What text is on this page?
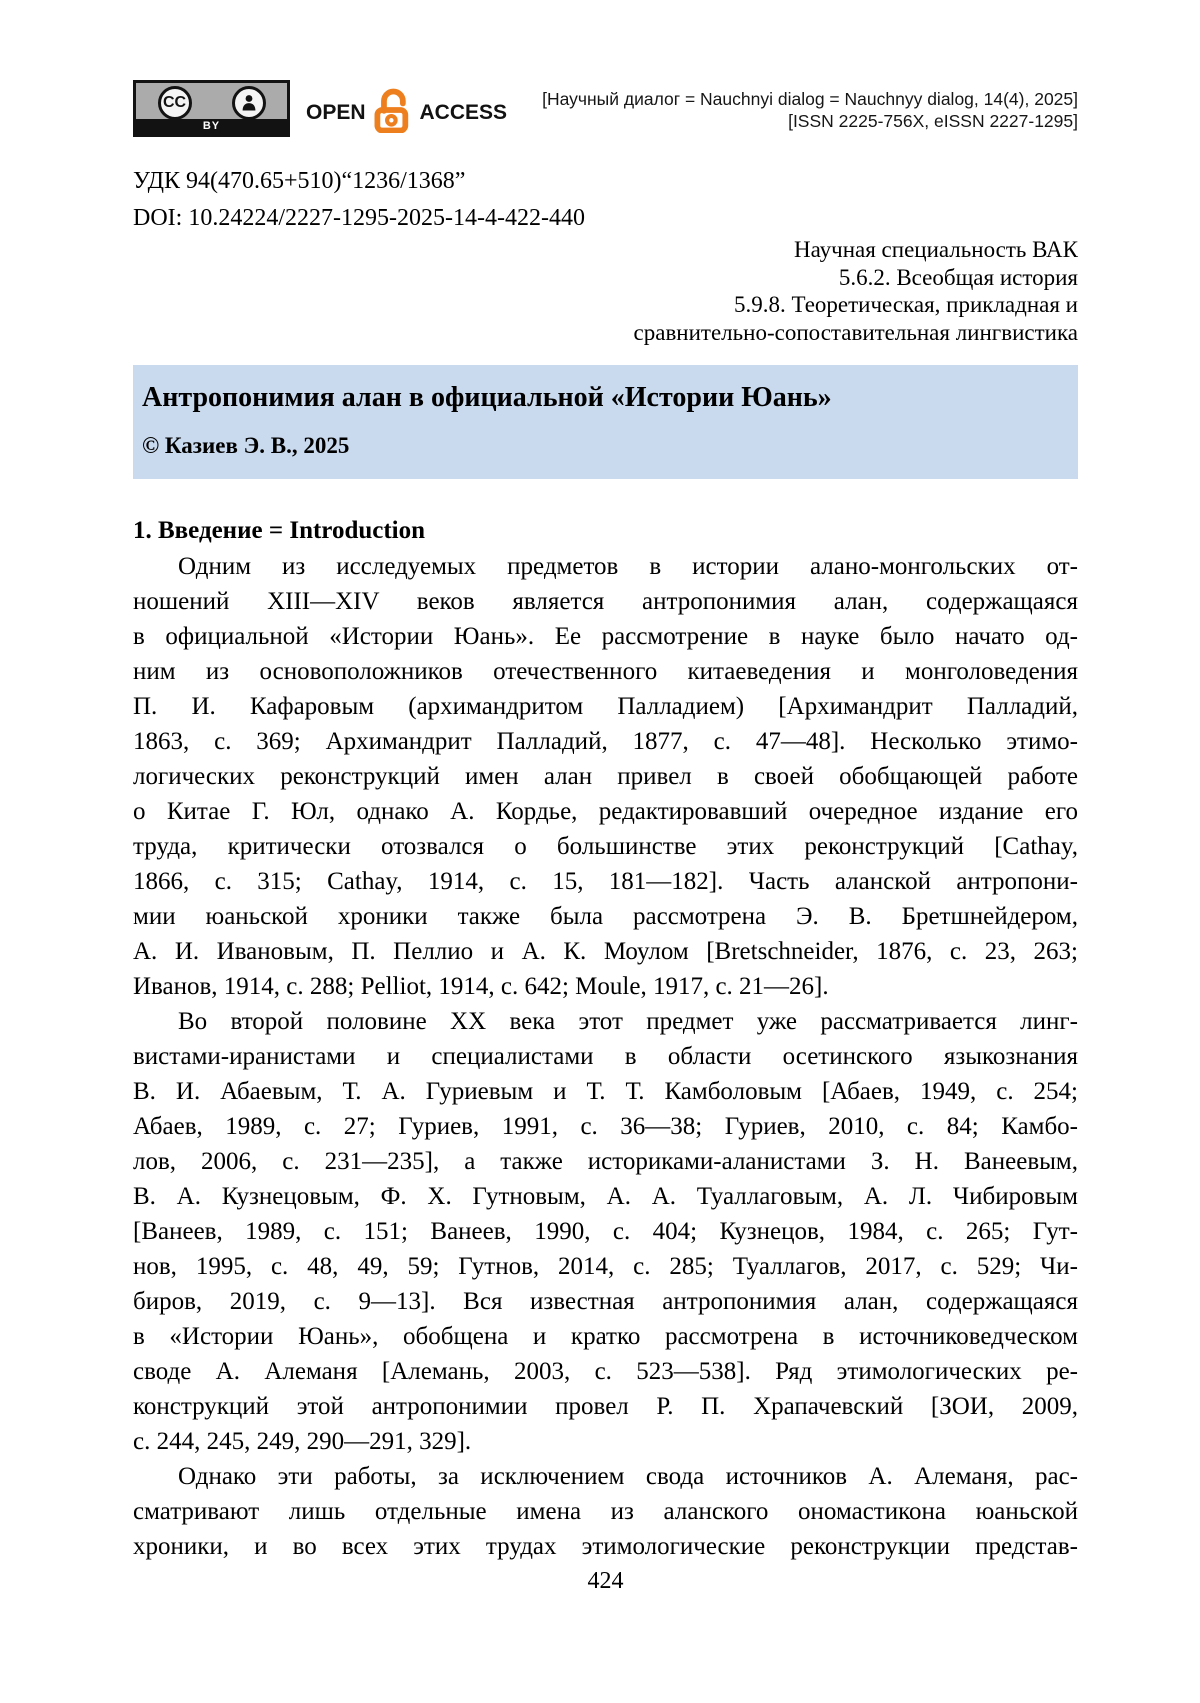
CC
BY
OPEN	ACCESS
[Научный диалог = Nauchnyi dialog = Nauchnyy dialog, 14(4), 2025]
[ISSN 2225-756X, eISSN 2227-1295]
УДК 94(470.65+510)“1236/1368”
DOI: 10.24224/2227-1295-2025-14-4-422-440
Научная специальность ВАК
5.6.2. Всеобщая история
5.9.8. Теоретическая, прикладная и
сравнительно-сопоставительная лингвистика
Антропонимия алан в официальной «Истории Юань»
© Казиев Э. В., 2025
1. Введение = Introduction
Одним из исследуемых предметов в истории алано-монгольских от-
ношений XIII—XIV веков является антропонимия алан, содержащаяся
в официальной «Истории Юань». Ее рассмотрение в науке было начато од-
ним из основоположников отечественного китаеведения и монголоведения
П. И. Кафаровым (архимандритом Палладием) [Архимандрит Палладий,
1863, с. 369; Архимандрит Палладий, 1877, с. 47—48]. Несколько этимо-
логических реконструкций имен алан привел в своей обобщающей работе
о Китае Г. Юл, однако А. Кордье, редактировавший очередное издание его
труда, критически отозвался о большинстве этих реконструкций [Cathay,
1866, с. 315; Cathay, 1914, с. 15, 181—182]. Часть аланской антропони-
мии юаньской хроники также была рассмотрена Э. В. Бретшнейдером,
А. И. Ивановым, П. Пеллио и А. К. Моулом [Bretschneider, 1876, с. 23, 263;
Иванов, 1914, с. 288; Pelliot, 1914, с. 642; Moule, 1917, с. 21—26].
Во второй половине XX века этот предмет уже рассматривается линг-
вистами-иранистами и специалистами в области осетинского языкознания
В. И. Абаевым, Т. А. Гуриевым и Т. Т. Камболовым [Абаев, 1949, с. 254;
Абаев, 1989, с. 27; Гуриев, 1991, с. 36—38; Гуриев, 2010, с. 84; Камбо-
лов, 2006, с. 231—235], а также историками-аланистами З. Н. Ванеевым,
В. А. Кузнецовым, Ф. Х. Гутновым, А. А. Туаллаговым, А. Л. Чибировым
[Ванеев, 1989, с. 151; Ванеев, 1990, с. 404; Кузнецов, 1984, с. 265; Гут-
нов, 1995, с. 48, 49, 59; Гутнов, 2014, с. 285; Туаллагов, 2017, с. 529; Чи-
биров, 2019, с. 9—13]. Вся известная антропонимия алан, содержащаяся
в «Истории Юань», обобщена и кратко рассмотрена в источниковедческом
своде А. Алеманя [Алемань, 2003, с. 523—538]. Ряд этимологических ре-
конструкций этой антропонимии провел Р. П. Храпачевский [ЗОИ, 2009,
с. 244, 245, 249, 290—291, 329].
Однако эти работы, за исключением свода источников А. Алеманя, рас-
сматривают лишь отдельные имена из аланского ономастикона юаньской
хроники, и во всех этих трудах этимологические реконструкции представ-
424
